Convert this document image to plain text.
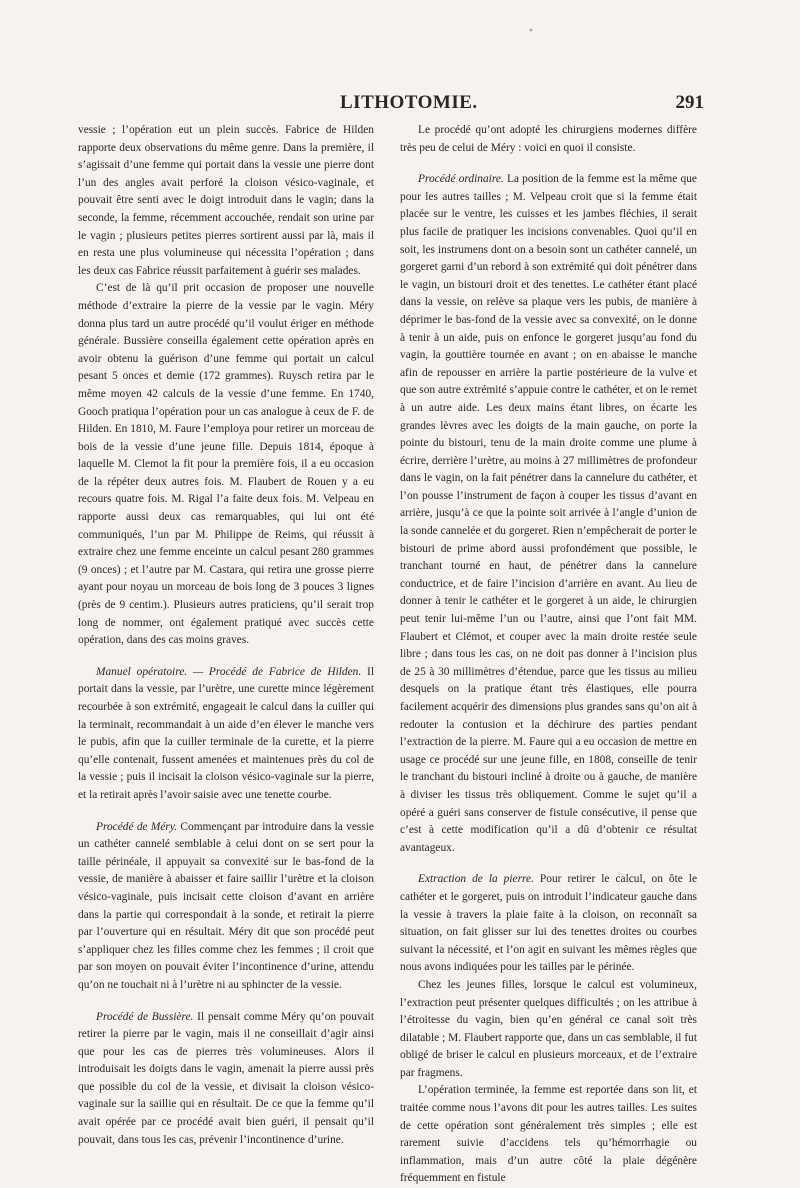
•
LITHOTOMIE.	291

vessie ; l’opération eut un plein succès. Fabrice de Hilden rapporte deux observations du même genre. Dans la première, il s’agissait d’une femme qui portait dans la vessie une pierre dont l’un des angles avait perforé la cloison vésico-vaginale, et pouvait être senti avec le doigt introduit dans le vagin; dans la seconde, la femme, récemment accouchée, rendait son urine par le vagin ; plusieurs petites pierres sortirent aussi par là, mais il en resta une plus volumineuse qui nécessita l’opération ; dans les deux cas Fabrice réussit parfaitement à guérir ses malades.

C’est de là qu’il prit occasion de proposer une nouvelle méthode d’extraire la pierre de la vessie par le vagin. Méry donna plus tard un autre procédé qu’il voulut ériger en méthode générale. Bussière conseilla également cette opération après en avoir obtenu la guérison d’une femme qui portait un calcul pesant 5 onces et demie (172 grammes). Ruysch retira par le même moyen 42 calculs de la vessie d’une femme. En 1740, Gooch pratiqua l’opération pour un cas analogue à ceux de F. de Hilden. En 1810, M. Faure l’employa pour retirer un morceau de bois de la vessie d’une jeune fille. Depuis 1814, époque à laquelle M. Clemot la fit pour la première fois, il a eu occasion de la répéter deux autres fois. M. Flaubert de Rouen y a eu recours quatre fois. M. Rigal l’a faite deux fois. M. Velpeau en rapporte aussi deux cas remarquables, qui lui ont été communiqués, l’un par M. Philippe de Reims, qui réussit à extraire chez une femme enceinte un calcul pesant 280 grammes (9 onces) ; et l’autre par M. Castara, qui retira une grosse pierre ayant pour noyau un morceau de bois long de 3 pouces 3 lignes (près de 9 centim.). Plusieurs autres praticiens, qu’il serait trop long de nommer, ont également pratiqué avec succès cette opération, dans des cas moins graves.

Manuel opératoire. — Procédé de Fabrice de Hilden. Il portait dans la vessie, par l’urètre, une curette mince légèrement recourbée à son extrémité, engageait le calcul dans la cuiller qui la terminait, recommandait à un aide d’en élever le manche vers le pubis, afin que la cuiller terminale de la curette, et la pierre qu’elle contenait, fussent amenées et maintenues près du col de la vessie ; puis il incisait la cloison vésico-vaginale sur la pierre, et la retirait après l’avoir saisie avec une tenette courbe.

Procédé de Méry. Commençant par introduire dans la vessie un cathéter cannelé semblable à celui dont on se sert pour la taille périnéale, il appuyait sa convexité sur le bas-fond de la vessie, de manière à abaisser et faire saillir l’urètre et la cloison vésico-vaginale, puis incisait cette cloison d’avant en arrière dans la partie qui correspondait à la sonde, et retirait la pierre par l’ouverture qui en résultait. Méry dit que son procédé peut s’appliquer chez les filles comme chez les femmes ; il croit que par son moyen on pouvait éviter l’incontinence d’urine, attendu qu’on ne touchait ni à l’urètre ni au sphincter de la vessie.

Procédé de Bussière. Il pensait comme Méry qu’on pouvait retirer la pierre par le vagin, mais il ne conseillait d’agir ainsi que pour les cas de pierres très volumineuses. Alors il introduisait les doigts dans le vagin, amenait la pierre aussi près que possible du col de la vessie, et divisait la cloison vésico-vaginale sur la saillie qui en résultait. De ce que la femme qu’il avait opérée par ce procédé avait bien guéri, il pensait qu’il pouvait, dans tous les cas, prévenir l’incontinence d’urine.

Le procédé qu’ont adopté les chirurgiens modernes diffère très peu de celui de Méry : voici en quoi il consiste.

Procédé ordinaire. La position de la femme est la même que pour les autres tailles ; M. Velpeau croit que si la femme était placée sur le ventre, les cuisses et les jambes fléchies, il serait plus facile de pratiquer les incisions convenables. Quoi qu’il en soit, les instrumens dont on a besoin sont un cathéter cannelé, un gorgeret garni d’un rebord à son extrémité qui doit pénétrer dans le vagin, un bistouri droit et des tenettes. Le cathéter étant placé dans la vessie, on relève sa plaque vers les pubis, de manière à déprimer le bas-fond de la vessie avec sa convexité, on le donne à tenir à un aide, puis on enfonce le gorgeret jusqu’au fond du vagin, la gouttière tournée en avant ; on en abaisse le manche afin de repousser en arrière la partie postérieure de la vulve et que son autre extrémité s’appuie contre le cathéter, et on le remet à un autre aide. Les deux mains étant libres, on écarte les grandes lèvres avec les doigts de la main gauche, on porte la pointe du bistouri, tenu de la main droite comme une plume à écrire, derrière l’urètre, au moins à 27 millimètres de profondeur dans le vagin, on la fait pénétrer dans la cannelure du cathéter, et l’on pousse l’instrument de façon à couper les tissus d’avant en arrière, jusqu’à ce que la pointe soit arrivée à l’angle d’union de la sonde cannelée et du gorgeret. Rien n’empêcherait de porter le bistouri de prime abord aussi profondément que possible, le tranchant tourné en haut, de pénétrer dans la cannelure conductrice, et de faire l’incision d’arrière en avant. Au lieu de donner à tenir le cathéter et le gorgeret à un aide, le chirurgien peut tenir lui-même l’un ou l’autre, ainsi que l’ont fait MM. Flaubert et Clémot, et couper avec la main droite restée seule libre ; dans tous les cas, on ne doit pas donner à l’incision plus de 25 à 30 millimètres d’étendue, parce que les tissus au milieu desquels on la pratique étant très élastiques, elle pourra facilement acquérir des dimensions plus grandes sans qu’on ait à redouter la contusion et la déchirure des parties pendant l’extraction de la pierre. M. Faure qui a eu occasion de mettre en usage ce procédé sur une jeune fille, en 1808, conseille de tenir le tranchant du bistouri incliné à droite ou à gauche, de manière à diviser les tissus très obliquement. Comme le sujet qu’il a opéré a guéri sans conserver de fistule consécutive, il pense que c’est à cette modification qu’il a dû d’obtenir ce résultat avantageux.

Extraction de la pierre. Pour retirer le calcul, on ôte le cathéter et le gorgeret, puis on introduit l’indicateur gauche dans la vessie à travers la plaie faite à la cloison, on reconnaît sa situation, on fait glisser sur lui des tenettes droites ou courbes suivant la nécessité, et l’on agit en suivant les mêmes règles que nous avons indiquées pour les tailles par le périnée.

Chez les jeunes filles, lorsque le calcul est volumineux, l’extraction peut présenter quelques difficultés ; on les attribue à l’étroitesse du vagin, bien qu’en général ce canal soit très dilatable ; M. Flaubert rapporte que, dans un cas semblable, il fut obligé de briser le calcul en plusieurs morceaux, et de l’extraire par fragmens.

L’opération terminée, la femme est reportée dans son lit, et traitée comme nous l’avons dit pour les autres tailles. Les suites de cette opération sont généralement très simples ; elle est rarement suivie d’accidens tels qu’hémorrhagie ou inflammation, mais d’un autre côté la plaie dégénère fréquemment en fistule
